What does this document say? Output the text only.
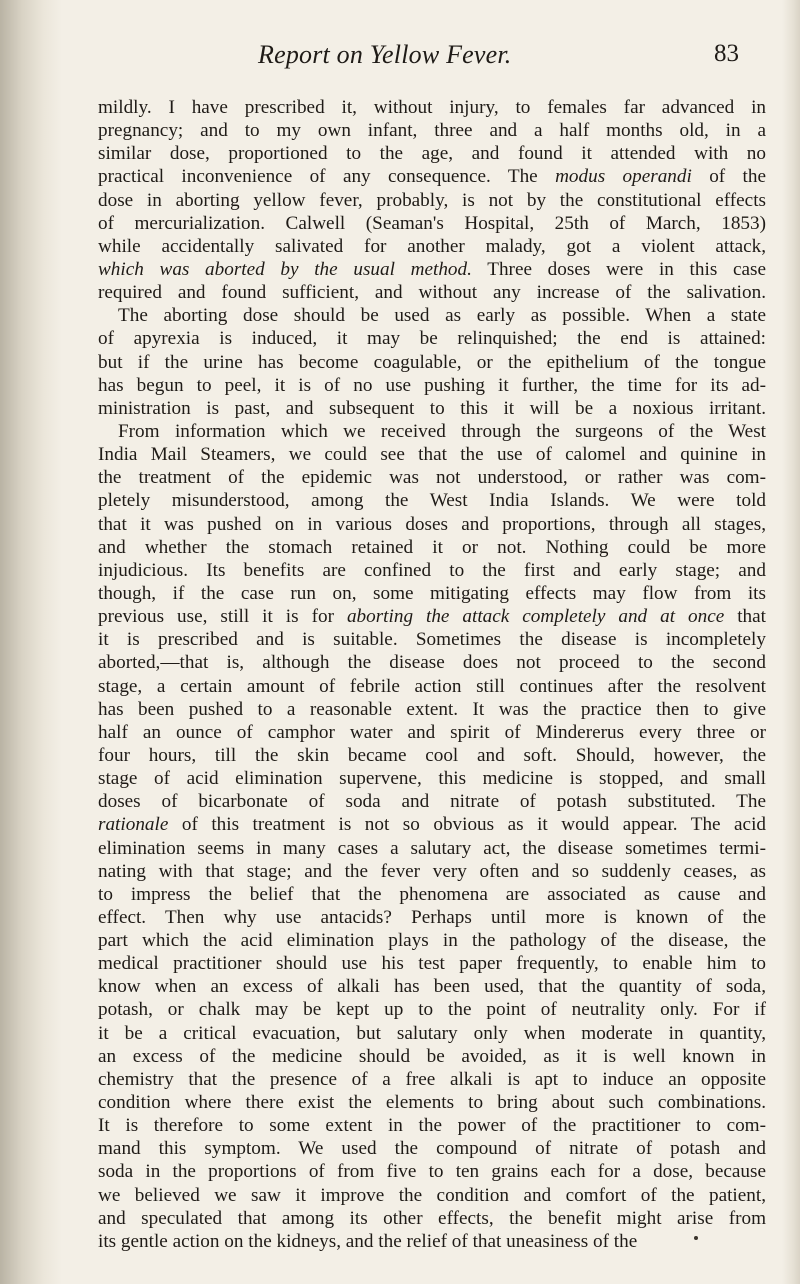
Report on Yellow Fever.	83
mildly. I have prescribed it, without injury, to females far advanced in
pregnancy; and to my own infant, three and a half months old, in a
similar dose, proportioned to the age, and found it attended with no
practical inconvenience of any consequence. The modus operandi of the
dose in aborting yellow fever, probably, is not by the constitutional effects
of mercurialization. Calwell (Seaman's Hospital, 25th of March, 1853)
while accidentally salivated for another malady, got a violent attack,
which was aborted by the usual method. Three doses were in this case
required and found sufficient, and without any increase of the salivation.
The aborting dose should be used as early as possible. When a state
of apyrexia is induced, it may be relinquished; the end is attained:
but if the urine has become coagulable, or the epithelium of the tongue
has begun to peel, it is of no use pushing it further, the time for its ad-
ministration is past, and subsequent to this it will be a noxious irritant.
From information which we received through the surgeons of the West
India Mail Steamers, we could see that the use of calomel and quinine in
the treatment of the epidemic was not understood, or rather was com-
pletely misunderstood, among the West India Islands. We were told
that it was pushed on in various doses and proportions, through all stages,
and whether the stomach retained it or not. Nothing could be more
injudicious. Its benefits are confined to the first and early stage; and
though, if the case run on, some mitigating effects may flow from its
previous use, still it is for aborting the attack completely and at once that
it is prescribed and is suitable. Sometimes the disease is incompletely
aborted,—that is, although the disease does not proceed to the second
stage, a certain amount of febrile action still continues after the resolvent
has been pushed to a reasonable extent. It was the practice then to give
half an ounce of camphor water and spirit of Mindererus every three or
four hours, till the skin became cool and soft. Should, however, the
stage of acid elimination supervene, this medicine is stopped, and small
doses of bicarbonate of soda and nitrate of potash substituted. The
rationale of this treatment is not so obvious as it would appear. The acid
elimination seems in many cases a salutary act, the disease sometimes termi-
nating with that stage; and the fever very often and so suddenly ceases, as
to impress the belief that the phenomena are associated as cause and
effect. Then why use antacids? Perhaps until more is known of the
part which the acid elimination plays in the pathology of the disease, the
medical practitioner should use his test paper frequently, to enable him to
know when an excess of alkali has been used, that the quantity of soda,
potash, or chalk may be kept up to the point of neutrality only. For if
it be a critical evacuation, but salutary only when moderate in quantity,
an excess of the medicine should be avoided, as it is well known in
chemistry that the presence of a free alkali is apt to induce an opposite
condition where there exist the elements to bring about such combinations.
It is therefore to some extent in the power of the practitioner to com-
mand this symptom. We used the compound of nitrate of potash and
soda in the proportions of from five to ten grains each for a dose, because
we believed we saw it improve the condition and comfort of the patient,
and speculated that among its other effects, the benefit might arise from
its gentle action on the kidneys, and the relief of that uneasiness of the
